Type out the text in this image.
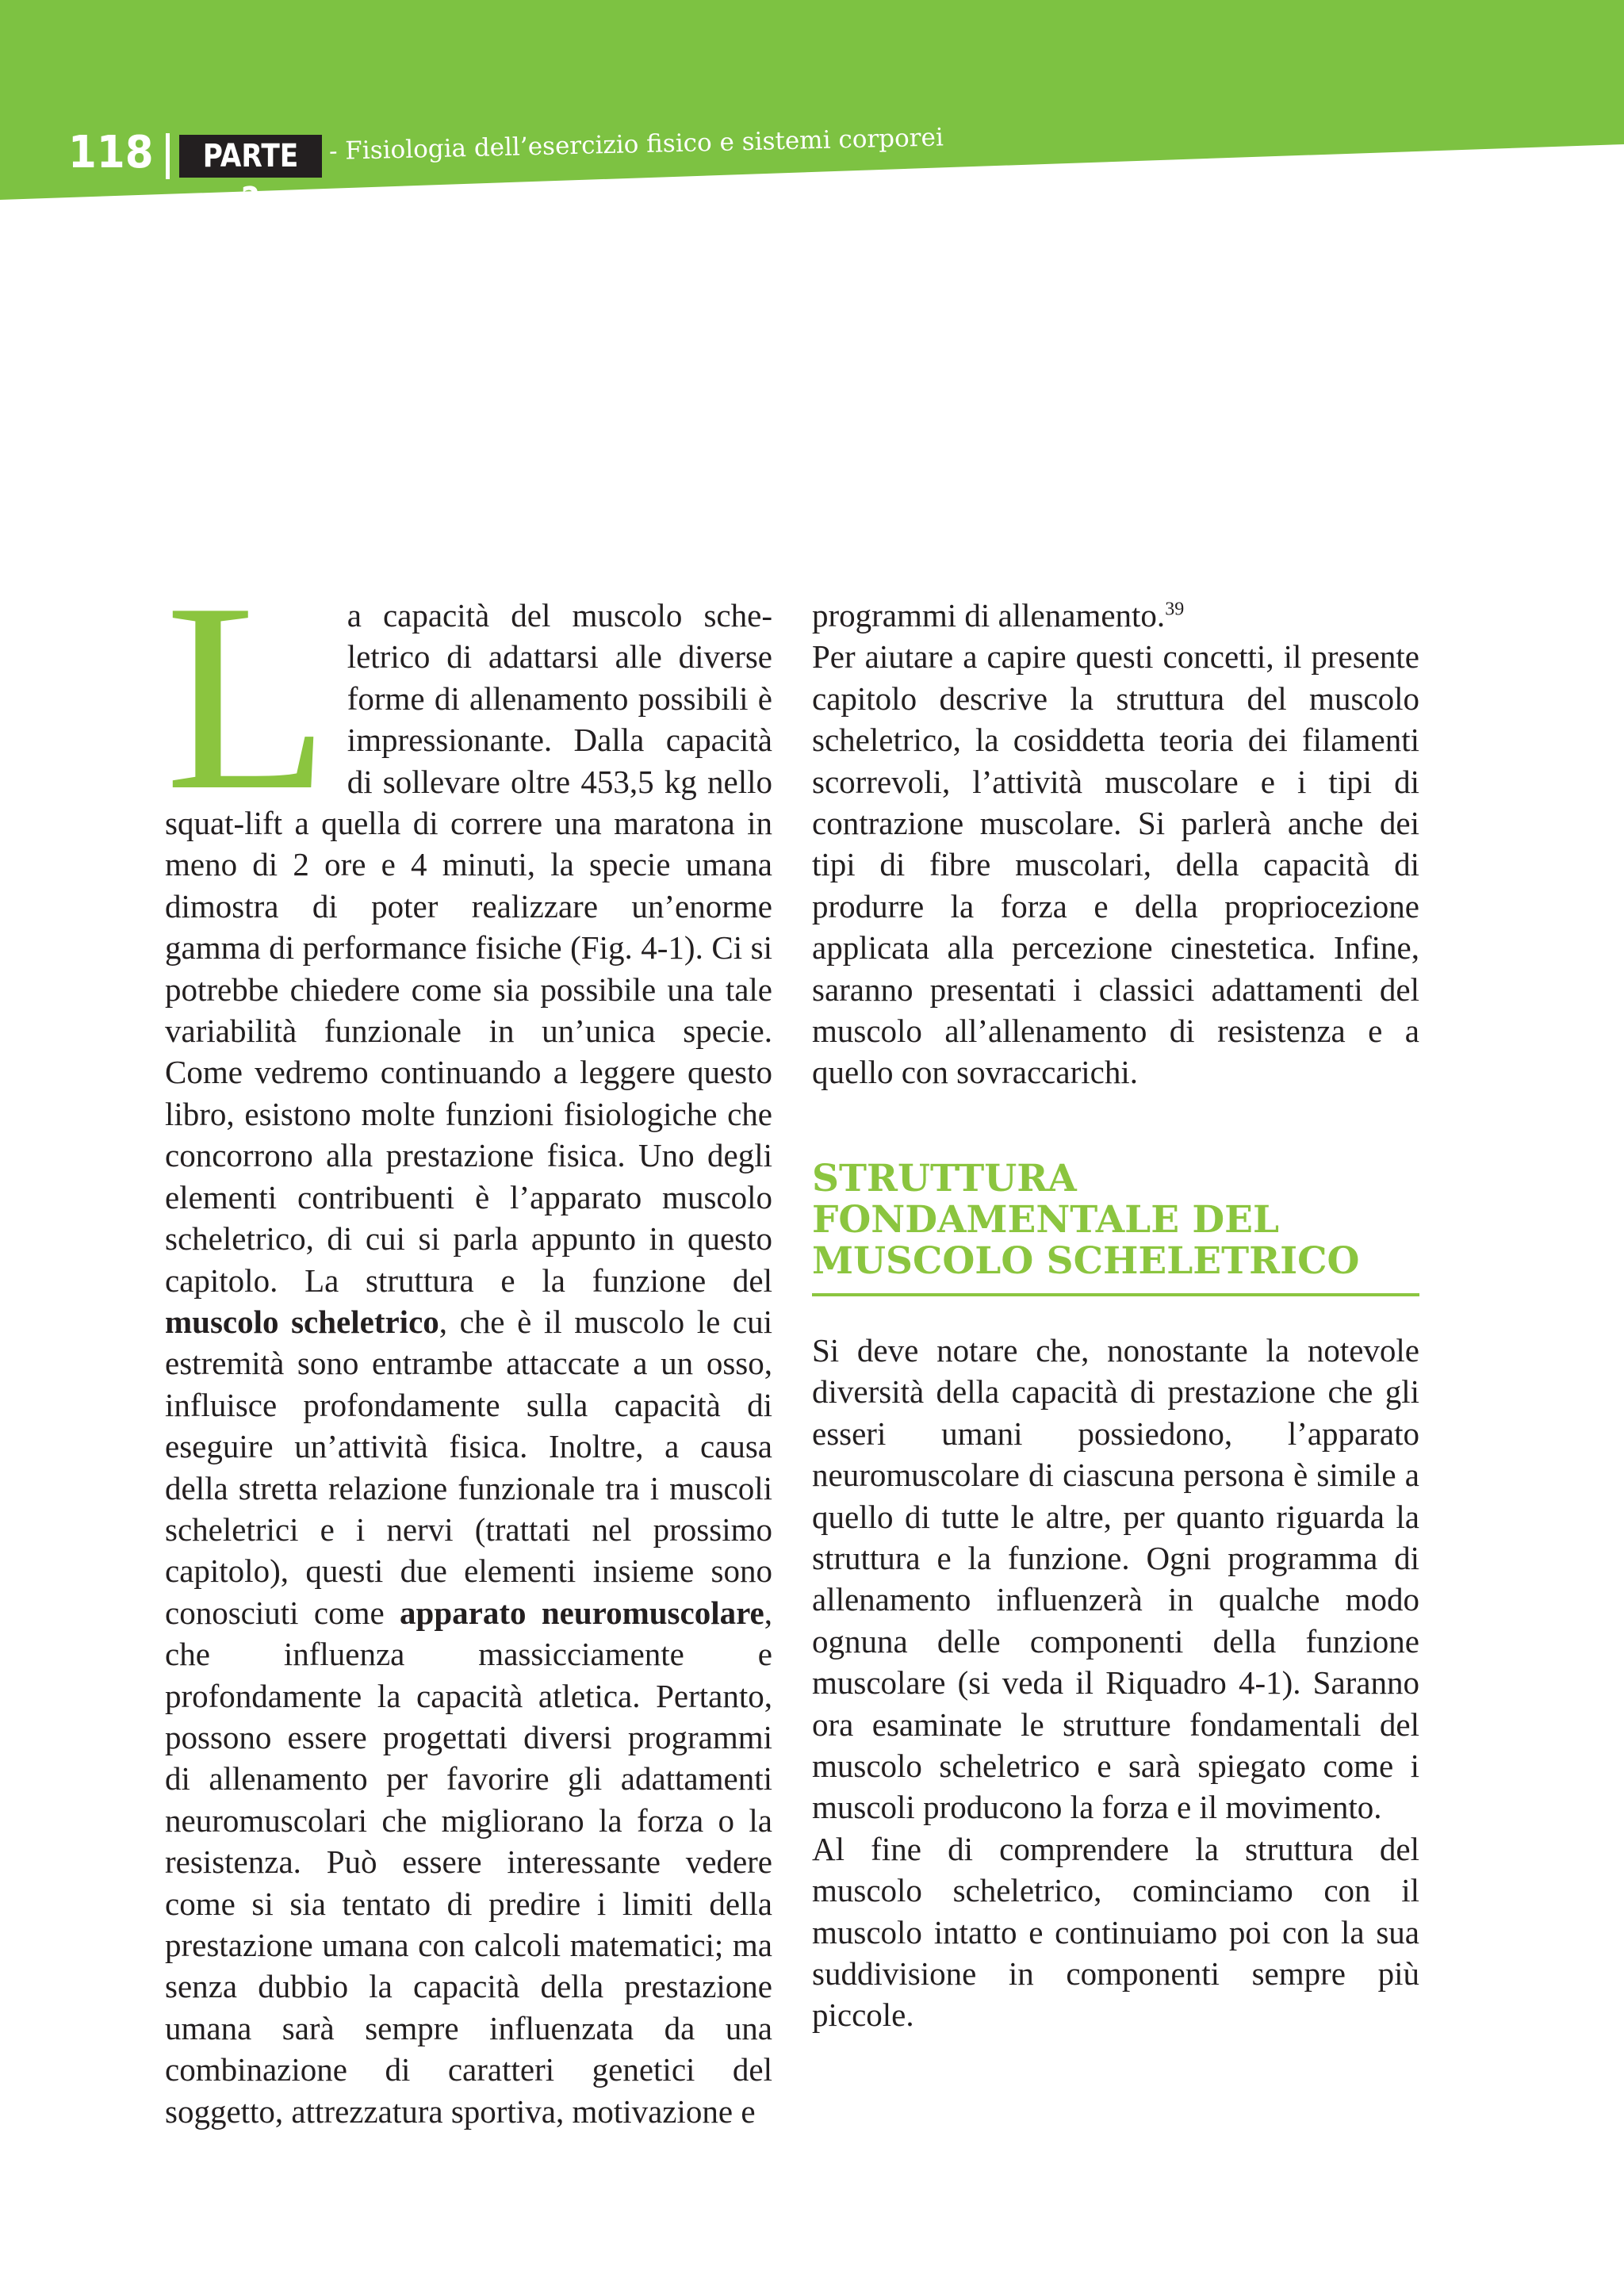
118	PARTE 2
- Fisiologia dell’esercizio fisico e sistemi corporei

La capacità del muscolo scheletrico di adattarsi alle diverse forme di allenamento possibili è impressionante. Dalla capacità di sollevare oltre 453,5 kg nello squat-lift a quella di correre una maratona in meno di 2 ore e 4 minuti, la specie umana dimostra di poter realizzare un’enorme gamma di performance fisiche (Fig. 4-1). Ci si potrebbe chiedere come sia possibile una tale variabilità funzionale in un’unica specie. Come vedremo continuando a leggere questo libro, esistono molte funzioni fisiologiche che concorrono alla prestazione fisica. Uno degli elementi contribuenti è l’apparato muscolo scheletrico, di cui si parla appunto in questo capitolo. La struttura e la funzione del muscolo scheletrico, che è il muscolo le cui estremità sono entrambe attaccate a un osso, influisce profondamente sulla capacità di eseguire un’attività fisica. Inoltre, a causa della stretta relazione funzionale tra i muscoli scheletrici e i nervi (trattati nel prossimo capitolo), questi due elementi insieme sono conosciuti come apparato neuromuscolare, che influenza massicciamente e profondamente la capacità atletica. Pertanto, possono essere progettati diversi programmi di allenamento per favorire gli adattamenti neuromuscolari che migliorano la forza o la resistenza. Può essere interessante vedere come si sia tentato di predire i limiti della prestazione umana con calcoli matematici; ma senza dubbio la capacità della prestazione umana sarà sempre influenzata da una combinazione di caratteri genetici del soggetto, attrezzatura sportiva, motivazione e

programmi di allenamento.$^{39}$

Per aiutare a capire questi concetti, il presente capitolo descrive la struttura del muscolo scheletrico, la cosiddetta teoria dei filamenti scorrevoli, l’attività muscolare e i tipi di contrazione muscolare. Si parlerà anche dei tipi di fibre muscolari, della capacità di produrre la forza e della propriocezione applicata alla percezione cinestetica. Infine, saranno presentati i classici adattamenti del muscolo all’allenamento di resistenza e a quello con sovraccarichi.

STRUTTURA
FONDAMENTALE DEL
MUSCOLO SCHELETRICO

Si deve notare che, nonostante la notevole diversità della capacità di prestazione che gli esseri umani possiedono, l’apparato neuromuscolare di ciascuna persona è simile a quello di tutte le altre, per quanto riguarda la struttura e la funzione. Ogni programma di allenamento influenzerà in qualche modo ognuna delle componenti della funzione muscolare (si veda il Riquadro 4-1). Saranno ora esaminate le strutture fondamentali del muscolo scheletrico e sarà spiegato come i muscoli producono la forza e il movimento.

Al fine di comprendere la struttura del muscolo scheletrico, cominciamo con il muscolo intatto e continuiamo poi con la sua suddivisione in componenti sempre più piccole.
